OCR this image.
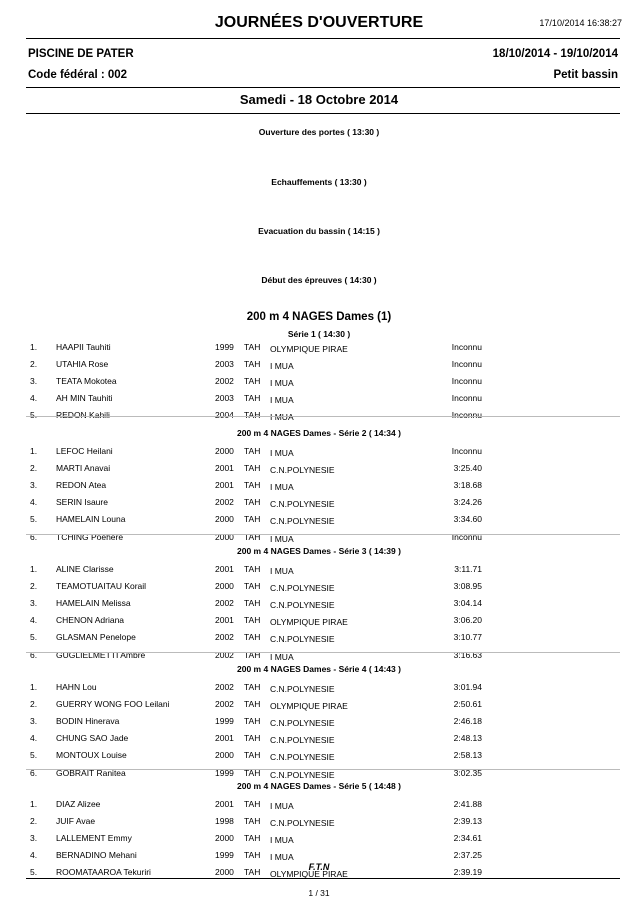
JOURNÉES D'OUVERTURE	17/10/2014 16:38:27
PISCINE DE PATER	18/10/2014 - 19/10/2014
Code fédéral : 002	Petit bassin
Samedi - 18 Octobre 2014
Ouverture des portes ( 13:30 )
Echauffements ( 13:30 )
Evacuation du bassin ( 14:15 )
Début des épreuves ( 14:30 )
200 m 4 NAGES Dames (1)
Série 1 ( 14:30 )
1. HAAPII Tauhiti	1999 TAH OLYMPIQUE PIRAE	Inconnu
2. UTAHIA Rose	2003 TAH I MUA	Inconnu
3. TEATA Mokotea	2002 TAH I MUA	Inconnu
4. AH MIN Tauhiti	2003 TAH I MUA	Inconnu
5. REDON Kahili	2004 TAH I MUA	Inconnu
200 m 4 NAGES Dames - Série 2 ( 14:34 )
1. LEFOC Heilani	2000 TAH I MUA	Inconnu
2. MARTI Anavai	2001 TAH C.N.POLYNESIE	3:25.40
3. REDON Atea	2001 TAH I MUA	3:18.68
4. SERIN Isaure	2002 TAH C.N.POLYNESIE	3:24.26
5. HAMELAIN Louna	2000 TAH C.N.POLYNESIE	3:34.60
6. TCHING Poehere	2000 TAH I MUA	Inconnu
200 m 4 NAGES Dames - Série 3 ( 14:39 )
1. ALINE Clarisse	2001 TAH I MUA	3:11.71
2. TEAMOTUAITAU Korail	2000 TAH C.N.POLYNESIE	3:08.95
3. HAMELAIN Melissa	2002 TAH C.N.POLYNESIE	3:04.14
4. CHENON Adriana	2001 TAH OLYMPIQUE PIRAE	3:06.20
5. GLASMAN Penelope	2002 TAH C.N.POLYNESIE	3:10.77
6. GUGLIELMETTI Ambre	2002 TAH I MUA	3:16.63
200 m 4 NAGES Dames - Série 4 ( 14:43 )
1. HAHN Lou	2002 TAH C.N.POLYNESIE	3:01.94
2. GUERRY WONG FOO Leilani	2002 TAH OLYMPIQUE PIRAE	2:50.61
3. BODIN Hinerava	1999 TAH C.N.POLYNESIE	2:46.18
4. CHUNG SAO Jade	2001 TAH C.N.POLYNESIE	2:48.13
5. MONTOUX Louise	2000 TAH C.N.POLYNESIE	2:58.13
6. GOBRAIT Ranitea	1999 TAH C.N.POLYNESIE	3:02.35
200 m 4 NAGES Dames - Série 5 ( 14:48 )
1. DIAZ Alizee	2001 TAH I MUA	2:41.88
2. JUIF Avae	1998 TAH C.N.POLYNESIE	2:39.13
3. LALLEMENT Emmy	2000 TAH I MUA	2:34.61
4. BERNADINO Mehani	1999 TAH I MUA	2:37.25
5. ROOMATAAROA Tekuriri	2000 TAH OLYMPIQUE PIRAE	2:39.19
F.T.N
1 / 31
